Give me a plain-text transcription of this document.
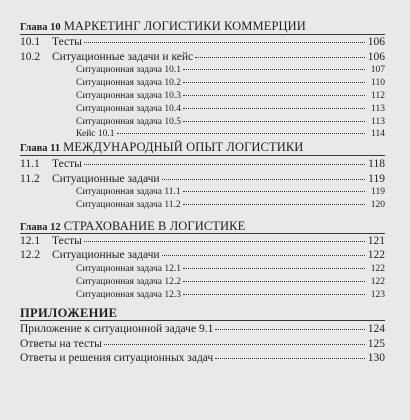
Глава 10 МАРКЕТИНГ ЛОГИСТИКИ КОММЕРЦИИ
10.1	Тесты	106
10.2	Ситуационные задачи и кейс	106
Ситуационная задача 10.1	107
Ситуационная задача 10.2	110
Ситуационная задача 10.3	112
Ситуационная задача 10.4	113
Ситуационная задача 10.5	113
Кейс 10.1	114
Глава 11 МЕЖДУНАРОДНЫЙ ОПЫТ ЛОГИСТИКИ
11.1	Тесты	118
11.2	Ситуационные задачи	119
Ситуационная задача 11.1	119
Ситуационная задача 11.2	120
Глава 12 СТРАХОВАНИЕ В ЛОГИСТИКЕ
12.1	Тесты	121
12.2	Ситуационные задачи	122
Ситуационная задача 12.1	122
Ситуационная задача 12.2	122
Ситуационная задача 12.3	123
ПРИЛОЖЕНИЕ
Приложение к ситуационной задаче 9.1	124
Ответы на тесты	125
Ответы и решения ситуационных задач	130
